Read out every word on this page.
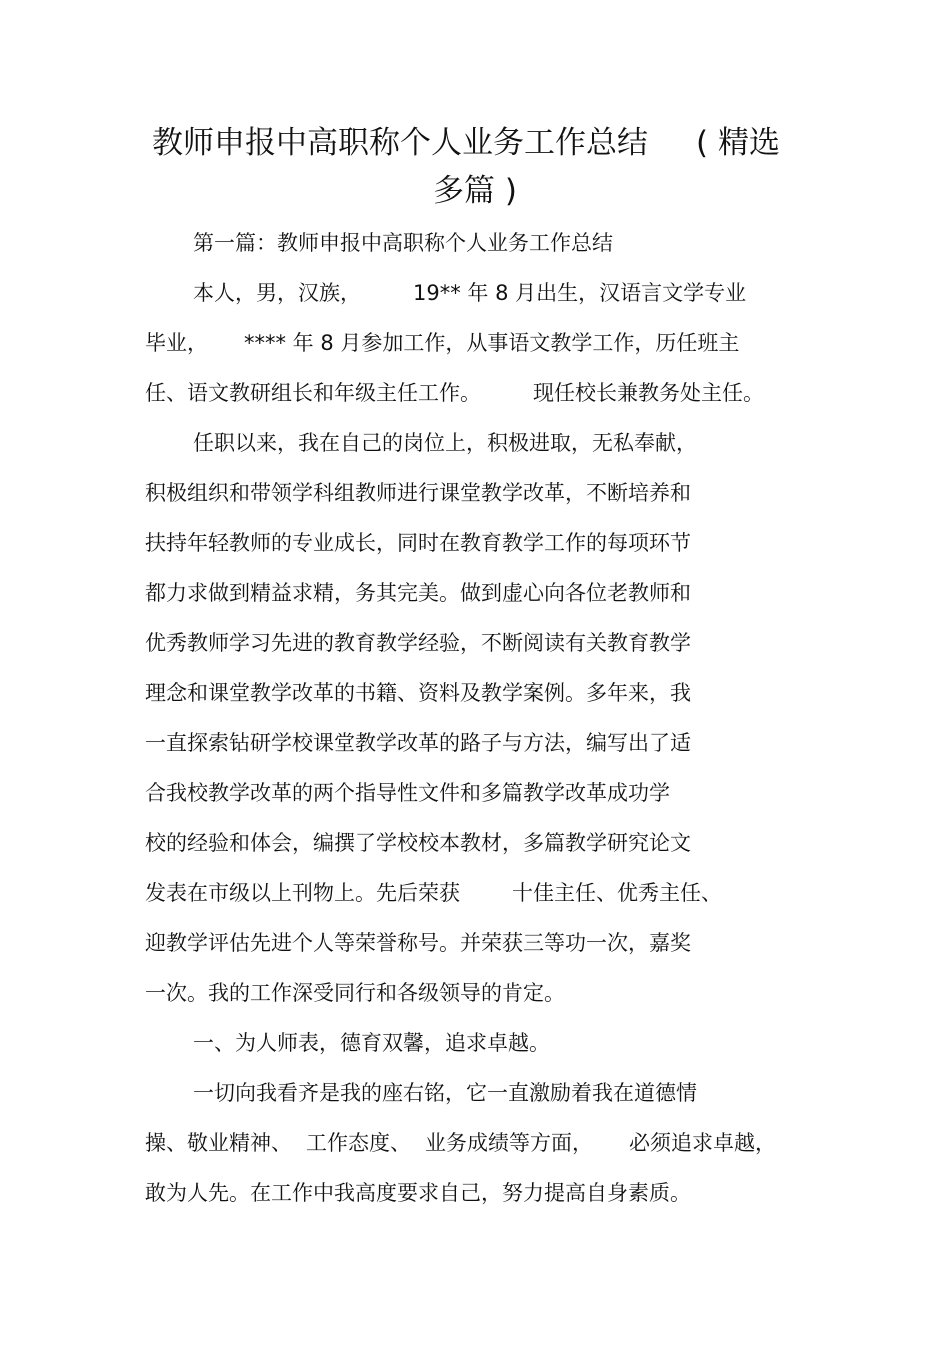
教师申报中高职称个人业务工作总结 ( 精选
多篇 )
第一篇：教师申报中高职称个人业务工作总结
本人，男，汉族， 19** 年 8 月出生，汉语言文学专业
毕业， **** 年 8 月参加工作，从事语文教学工作，历任班主
任、语文教研组长和年级主任工作。 现任校长兼教务处主任。
任职以来，我在自己的岗位上，积极进取，无私奉献，
积极组织和带领学科组教师进行课堂教学改革，不断培养和
扶持年轻教师的专业成长，同时在教育教学工作的每项环节
都力求做到精益求精，务其完美。做到虚心向各位老教师和
优秀教师学习先进的教育教学经验，不断阅读有关教育教学
理念和课堂教学改革的书籍、资料及教学案例。多年来，我
一直探索钻研学校课堂教学改革的路子与方法，编写出了适
合我校教学改革的两个指导性文件和多篇教学改革成功学
校的经验和体会，编撰了学校校本教材，多篇教学研究论文
发表在市级以上刊物上。先后荣获 十佳主任、优秀主任、
迎教学评估先进个人等荣誉称号。并荣获三等功一次，嘉奖
一次。我的工作深受同行和各级领导的肯定。
一、为人师表，德育双馨，追求卓越。
一切向我看齐是我的座右铭，它一直激励着我在道德情
操、敬业精神、 工作态度、 业务成绩等方面， 必须追求卓越，
敢为人先。在工作中我高度要求自己，努力提高自身素质。
